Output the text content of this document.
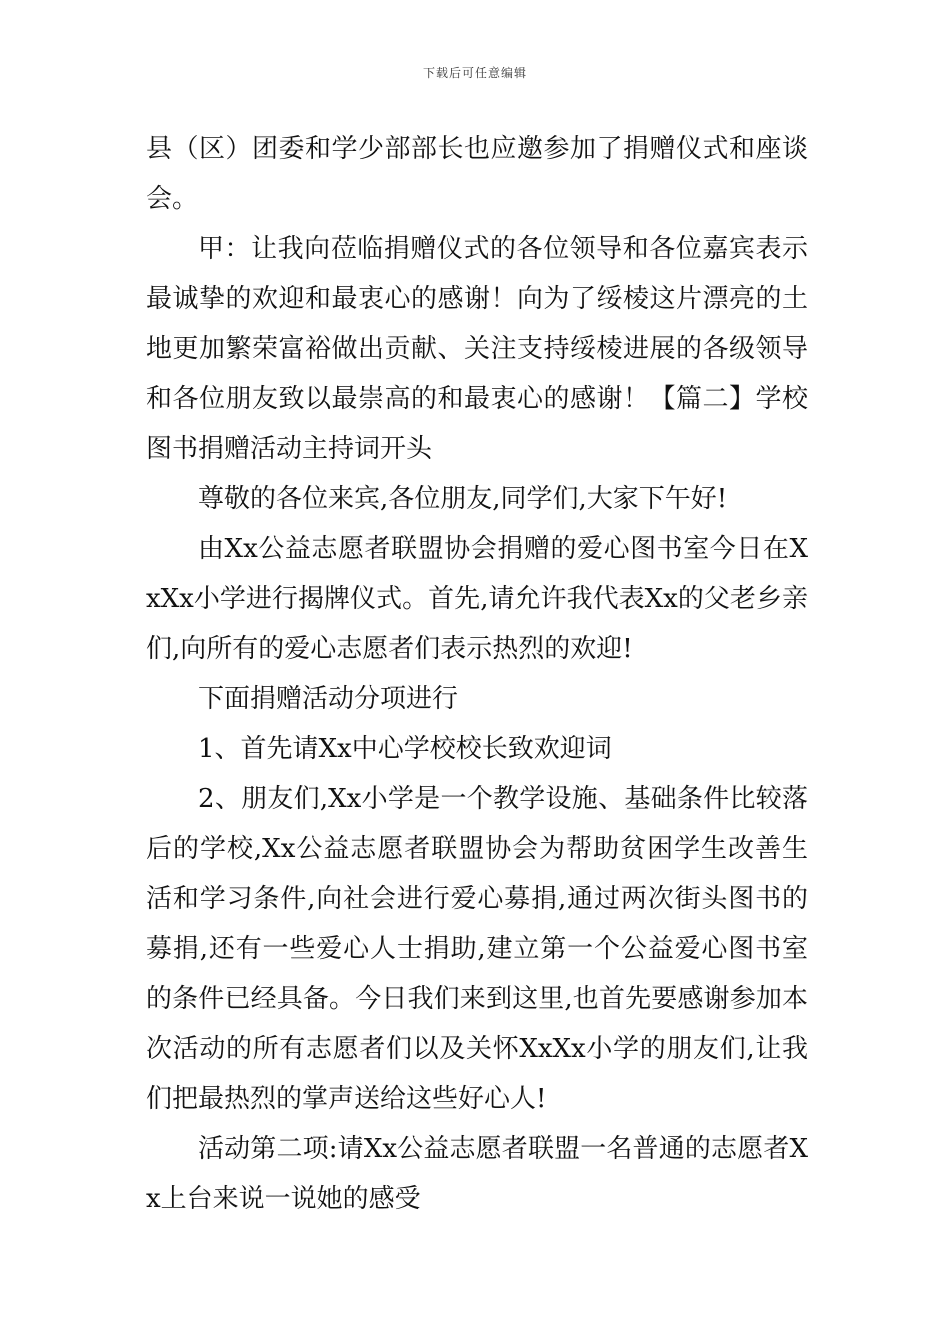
下载后可任意编辑

县（区）团委和学少部部长也应邀参加了捐赠仪式和座谈会。

甲：让我向莅临捐赠仪式的各位领导和各位嘉宾表示最诚挚的欢迎和最衷心的感谢！向为了绥棱这片漂亮的土地更加繁荣富裕做出贡献、关注支持绥棱进展的各级领导和各位朋友致以最崇高的和最衷心的感谢！【篇二】学校图书捐赠活动主持词开头

尊敬的各位来宾,各位朋友,同学们,大家下午好!

由Xx公益志愿者联盟协会捐赠的爱心图书室今日在XxXx小学进行揭牌仪式。首先,请允许我代表Xx的父老乡亲们,向所有的爱心志愿者们表示热烈的欢迎!

下面捐赠活动分项进行

1、首先请Xx中心学校校长致欢迎词

2、朋友们,Xx小学是一个教学设施、基础条件比较落后的学校,Xx公益志愿者联盟协会为帮助贫困学生改善生活和学习条件,向社会进行爱心募捐,通过两次街头图书的募捐,还有一些爱心人士捐助,建立第一个公益爱心图书室的条件已经具备。今日我们来到这里,也首先要感谢参加本次活动的所有志愿者们以及关怀XxXx小学的朋友们,让我们把最热烈的掌声送给这些好心人!

活动第二项:请Xx公益志愿者联盟一名普通的志愿者Xx上台来说一说她的感受
